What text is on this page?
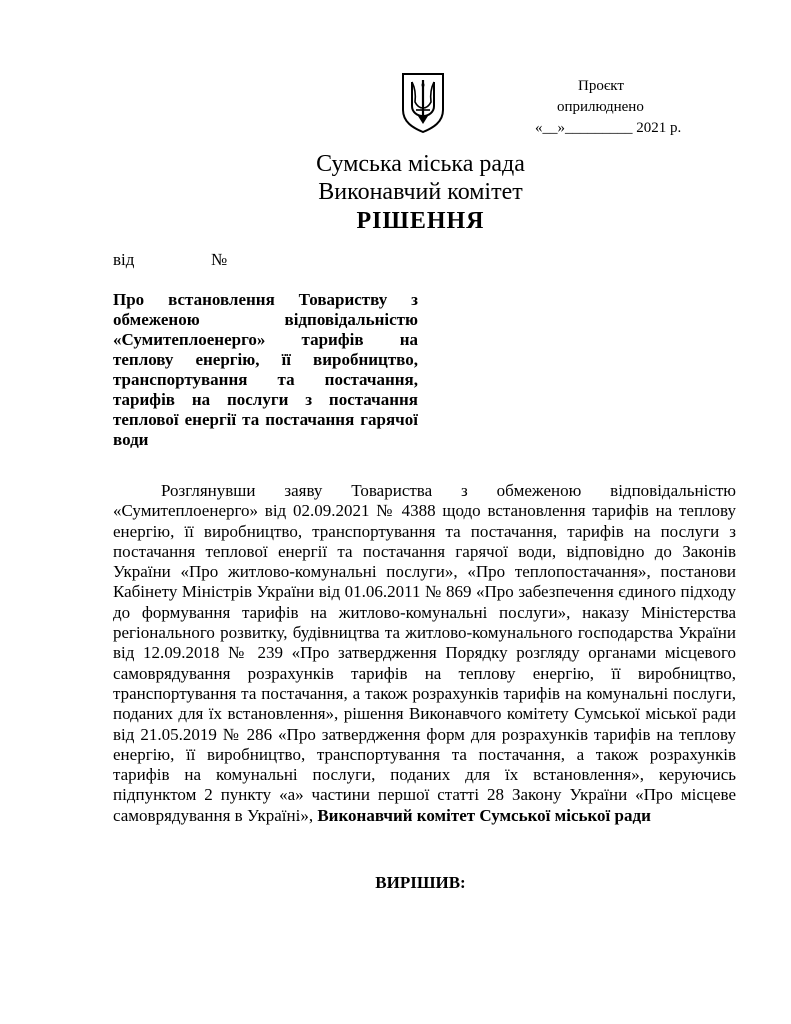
Проєкт
оприлюднено
«__»_________ 2021 р.
Сумська міська рада
Виконавчий комітет
РІШЕННЯ
від	№
Про встановлення Товариству з обмеженою відповідальністю «Сумитеплоенерго» тарифів на теплову енергію, її виробництво, транспортування та постачання, тарифів на послуги з постачання теплової енергії та постачання гарячої води
Розглянувши заяву Товариства з обмеженою відповідальністю «Сумитеплоенерго» від 02.09.2021 № 4388 щодо встановлення тарифів на теплову енергію, її виробництво, транспортування та постачання, тарифів на послуги з постачання теплової енергії та постачання гарячої води, відповідно до Законів України «Про житлово-комунальні послуги», «Про теплопостачання», постанови Кабінету Міністрів України від 01.06.2011 № 869 «Про забезпечення єдиного підходу до формування тарифів на житлово-комунальні послуги», наказу Міністерства регіонального розвитку, будівництва та житлово-комунального господарства України від 12.09.2018 № 239 «Про затвердження Порядку розгляду органами місцевого самоврядування розрахунків тарифів на теплову енергію, її виробництво, транспортування та постачання, а також розрахунків тарифів на комунальні послуги, поданих для їх встановлення», рішення Виконавчого комітету Сумської міської ради від 21.05.2019 № 286 «Про затвердження форм для розрахунків тарифів на теплову енергію, її виробництво, транспортування та постачання, а також розрахунків тарифів на комунальні послуги, поданих для їх встановлення», керуючись підпунктом 2 пункту «а» частини першої статті 28 Закону України «Про місцеве самоврядування в Україні», Виконавчий комітет Сумської міської ради
ВИРІШИВ:
